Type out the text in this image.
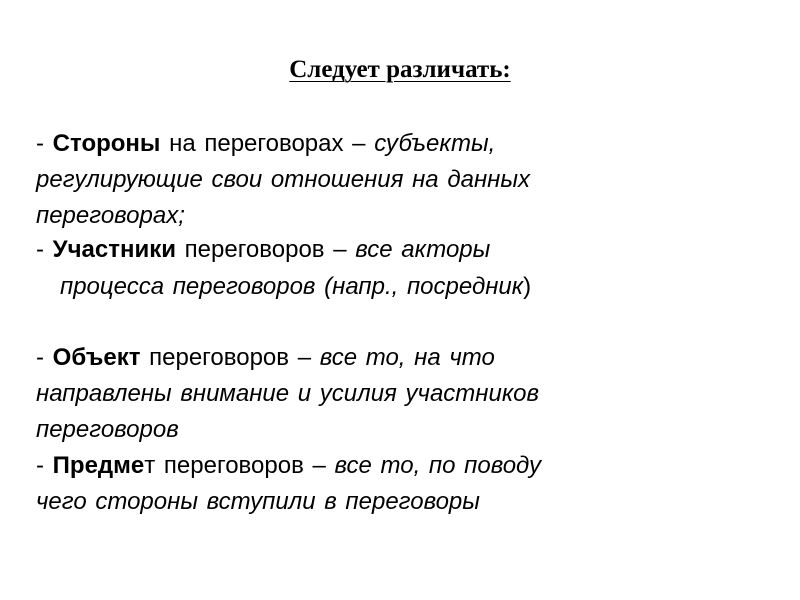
Следует различать:
- Стороны на переговорах – субъекты,
регулирующие свои отношения на данных
переговорах;
- Участники переговоров – все акторы
процесса переговоров (напр., посредник)
- Объект переговоров – все то, на что
направлены внимание и усилия участников
переговоров
- Предмет переговоров – все то, по поводу
чего стороны вступили в переговоры
